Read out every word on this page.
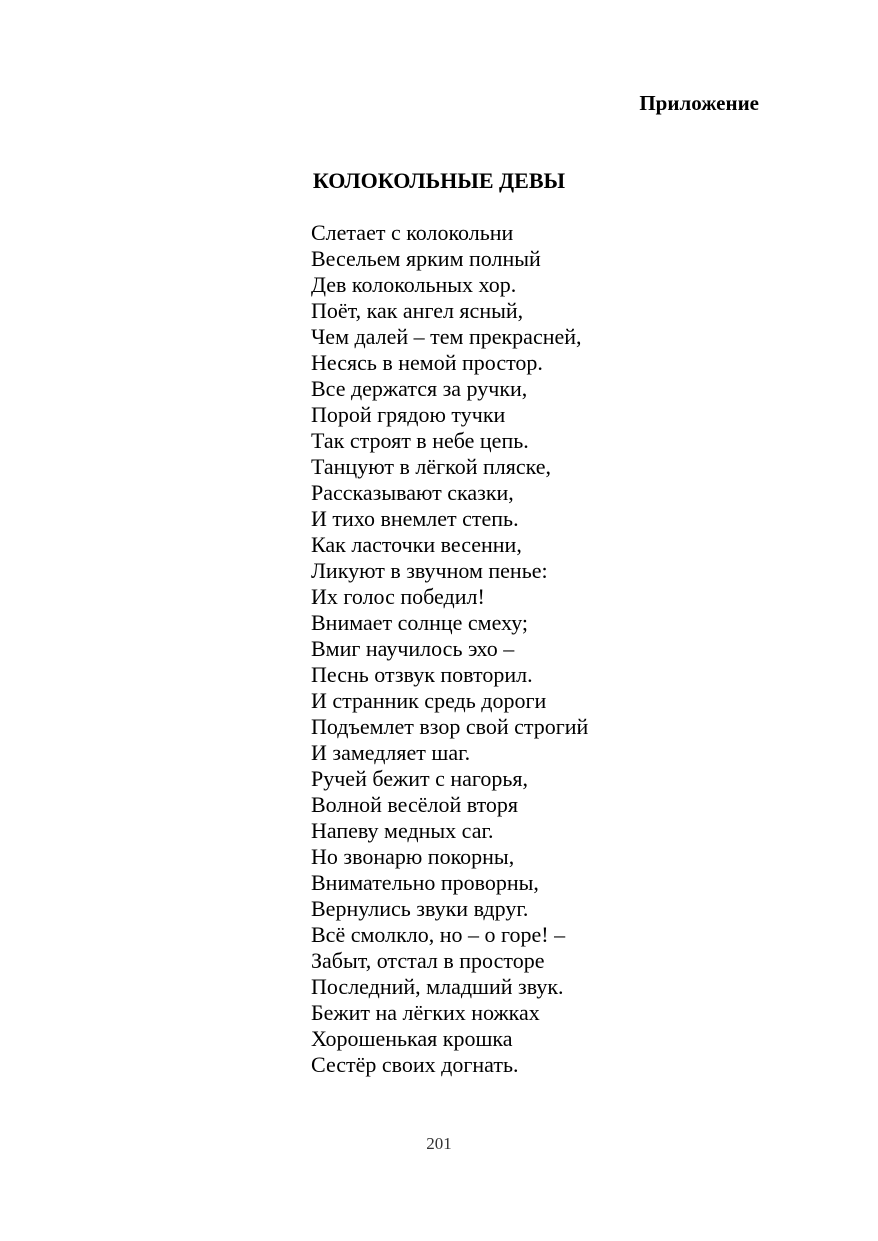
Приложение
КОЛОКОЛЬНЫЕ ДЕВЫ
Слетает с колокольни
Весельем ярким полный
Дев колокольных хор.
Поёт, как ангел ясный,
Чем далей – тем прекрасней,
Несясь в немой простор.
Все держатся за ручки,
Порой грядою тучки
Так строят в небе цепь.
Танцуют в лёгкой пляске,
Рассказывают сказки,
И тихо внемлет степь.
Как ласточки весенни,
Ликуют в звучном пенье:
Их голос победил!
Внимает солнце смеху;
Вмиг научилось эхо –
Песнь отзвук повторил.
И странник средь дороги
Подъемлет взор свой строгий
И замедляет шаг.
Ручей бежит с нагорья,
Волной весёлой вторя
Напеву медных саг.
Но звонарю покорны,
Внимательно проворны,
Вернулись звуки вдруг.
Всё смолкло, но – о горе! –
Забыт, отстал в просторе
Последний, младший звук.
Бежит на лёгких ножках
Хорошенькая крошка
Сестёр своих догнать.
201
